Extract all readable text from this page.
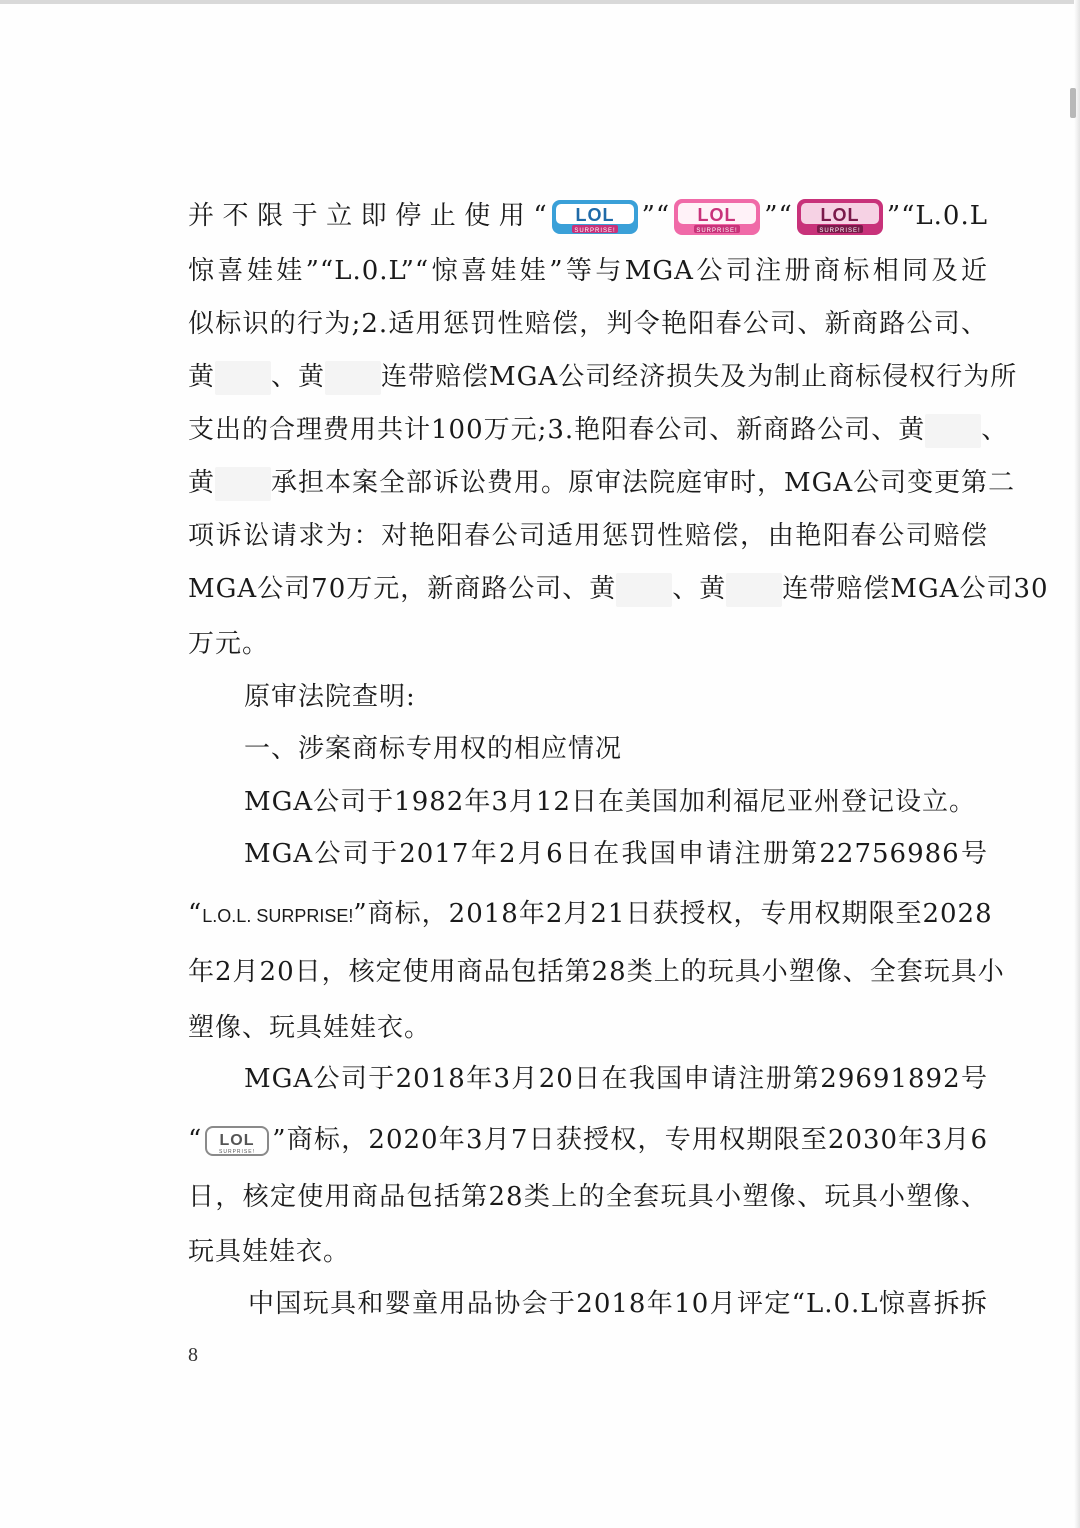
并不限于立即停止使用“ LOL
SURPRISE! ”“ LOL
SURPRISE! ”“ LOL
SURPRISE! ”“L.0.L
惊喜娃娃”“L.0.L”“惊喜娃娃”等与MGA公司注册商标相同及近
似标识的行为;2.适用惩罚性赔偿，判令艳阳春公司、新商路公司、
黄 、黄 连带赔偿MGA公司经济损失及为制止商标侵权行为所
支出的合理费用共计100万元;3.艳阳春公司、新商路公司、黄 、
黄 承担本案全部诉讼费用。原审法院庭审时，MGA公司变更第二
项诉讼请求为：对艳阳春公司适用惩罚性赔偿，由艳阳春公司赔偿
MGA公司70万元，新商路公司、黄 、黄 连带赔偿MGA公司30
万元。
原审法院查明:
一、涉案商标专用权的相应情况
MGA公司于1982年3月12日在美国加利福尼亚州登记设立。
MGA公司于2017年2月6日在我国申请注册第22756986号
“L.O.L. SURPRISE!”商标，2018年2月21日获授权，专用权期限至2028
年2月20日，核定使用商品包括第28类上的玩具小塑像、全套玩具小
塑像、玩具娃娃衣。
MGA公司于2018年3月20日在我国申请注册第29691892号
“ LOL
SURPRISE! ”商标，2020年3月7日获授权，专用权期限至2030年3月6
日，核定使用商品包括第28类上的全套玩具小塑像、玩具小塑像、
玩具娃娃衣。
中国玩具和婴童用品协会于2018年10月评定“L.0.L惊喜拆拆
8
